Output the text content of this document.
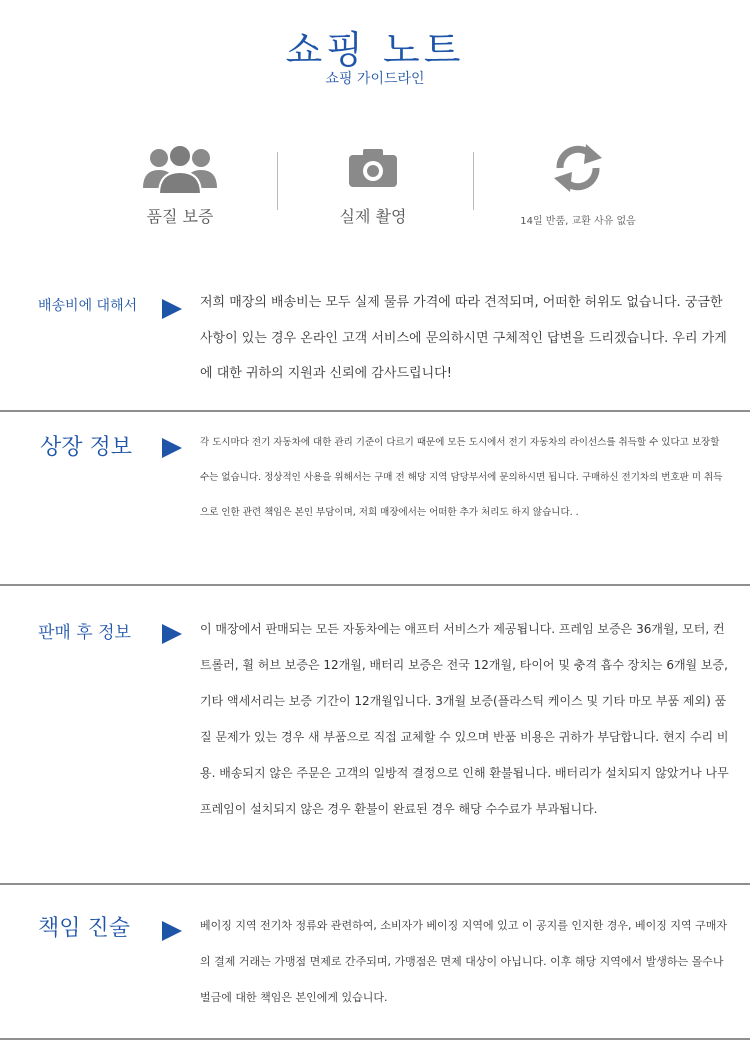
쇼핑 노트
쇼핑 가이드라인
품질 보증	실제 촬영	14일 반품, 교환 사유 없음
배송비에 대해서	저희 매장의 배송비는 모두 실제 물류 가격에 따라 견적되며, 어떠한 허위도 없습니다. 궁금한 사항이 있는 경우 온라인 고객 서비스에 문의하시면 구체적인 답변을 드리겠습니다. 우리 가게에 대한 귀하의 지원과 신뢰에 감사드립니다!
상장 정보	각 도시마다 전기 자동차에 대한 관리 기준이 다르기 때문에 모든 도시에서 전기 자동차의 라이선스를 취득할 수 있다고 보장할 수는 없습니다. 정상적인 사용을 위해서는 구매 전 해당 지역 담당부서에 문의하시면 됩니다. 구매하신 전기차의 번호판 미 취득으로 인한 관련 책임은 본인 부담이며, 저희 매장에서는 어떠한 추가 처리도 하지 않습니다. .
판매 후 정보	이 매장에서 판매되는 모든 자동차에는 애프터 서비스가 제공됩니다. 프레임 보증은 36개월, 모터, 컨트롤러, 휠 허브 보증은 12개월, 배터리 보증은 전국 12개월, 타이어 및 충격 흡수 장치는 6개월 보증, 기타 액세서리는 보증 기간이 12개월입니다. 3개월 보증(플라스틱 케이스 및 기타 마모 부품 제외) 품질 문제가 있는 경우 새 부품으로 직접 교체할 수 있으며 반품 비용은 귀하가 부담합니다. 현지 수리 비용. 배송되지 않은 주문은 고객의 일방적 결정으로 인해 환불됩니다. 배터리가 설치되지 않았거나 나무 프레임이 설치되지 않은 경우 환불이 완료된 경우 해당 수수료가 부과됩니다.
책임 진술	베이징 지역 전기차 정류와 관련하여, 소비자가 베이징 지역에 있고 이 공지를 인지한 경우, 베이징 지역 구매자의 결제 거래는 가맹점 면제로 간주되며, 가맹점은 면제 대상이 아닙니다. 이후 해당 지역에서 발생하는 몰수나 벌금에 대한 책임은 본인에게 있습니다.
